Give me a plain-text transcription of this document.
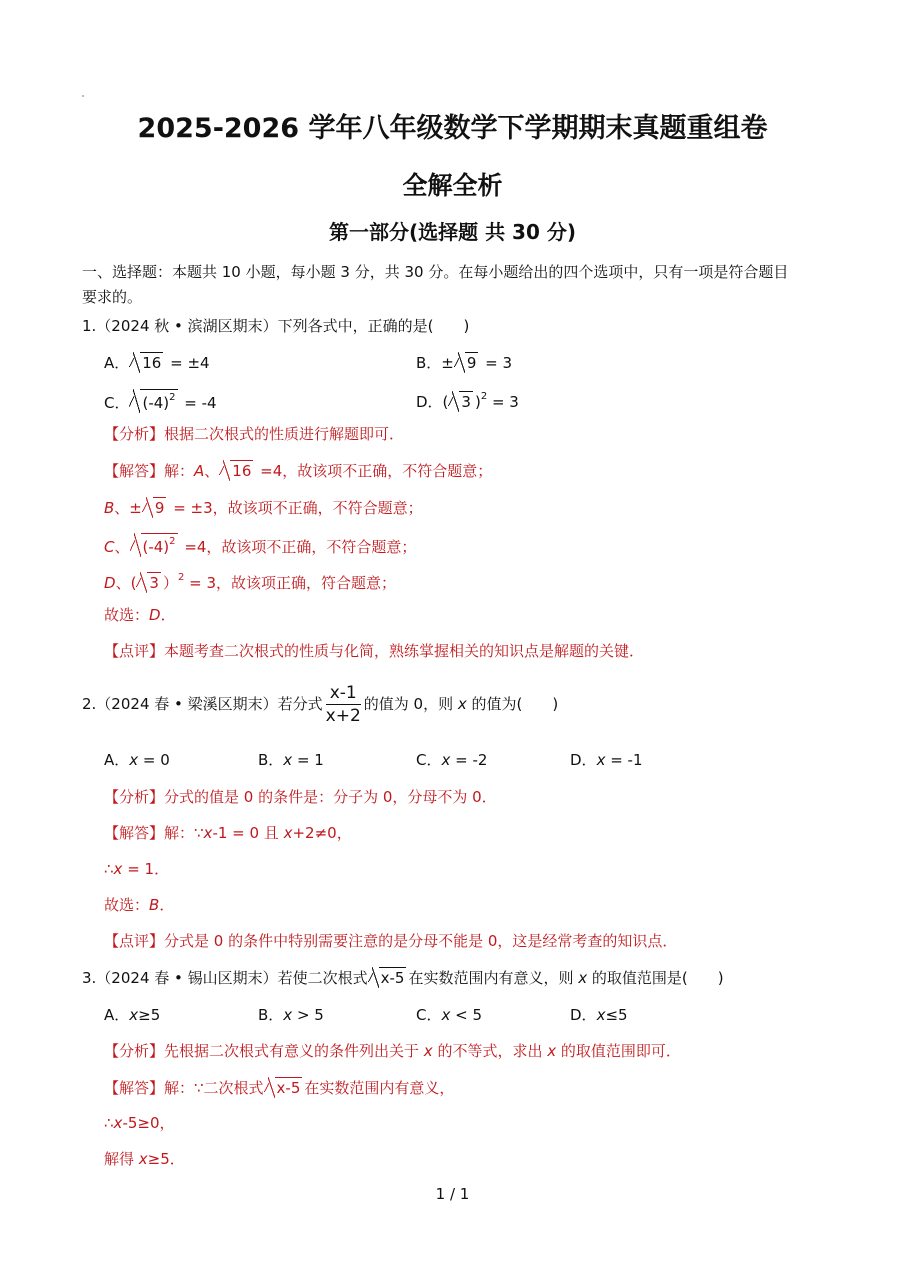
2025-2026 学年八年级数学下学期期末真题重组卷
全解全析
第一部分(选择题 共 30 分)
一、选择题：本题共 10 小题，每小题 3 分，共 30 分。在每小题给出的四个选项中，只有一项是符合题目
要求的。
1.（2024 秋 • 滨湖区期末）下列各式中，正确的是(　　)
A． 16 = ±4	B．± 9 = 3
C． $(-4)^2 = -4$	D．( 3 )$^2$ = 3
【分析】根据二次根式的性质进行解题即可．
【解答】解：A、 16 =4，故该项不正确，不符合题意；
B、± 9 = ±3，故该项不正确，不符合题意；
C、 $(-4)^2 =4$，故该项不正确，不符合题意；
D、( 3 ）$^2$ = 3，故该项正确，符合题意；
故选：D．
【点评】本题考查二次根式的性质与化简，熟练掌握相关的知识点是解题的关键．
2.（2024 春 • 梁溪区期末）若分式 $\frac{x-1}{x+2}$ 的值为 0，则 x 的值为(　　)
A．x = 0	B．x = 1	C．x = -2	D．x = -1
【分析】分式的值是 0 的条件是：分子为 0，分母不为 0．
【解答】解：∵x-1 = 0 且 x+2≠0，
∴x = 1．
故选：B．
【点评】分式是 0 的条件中特别需要注意的是分母不能是 0，这是经常考查的知识点．
3.（2024 春 • 锡山区期末）若使二次根式 x-5 在实数范围内有意义，则 x 的取值范围是(　　)
A．x≥5	B．x > 5	C．x < 5	D．x≤5
【分析】先根据二次根式有意义的条件列出关于 x 的不等式，求出 x 的取值范围即可．
【解答】解：∵二次根式 x-5 在实数范围内有意义，
∴x-5≥0，
解得 x≥5．
1 / 1
